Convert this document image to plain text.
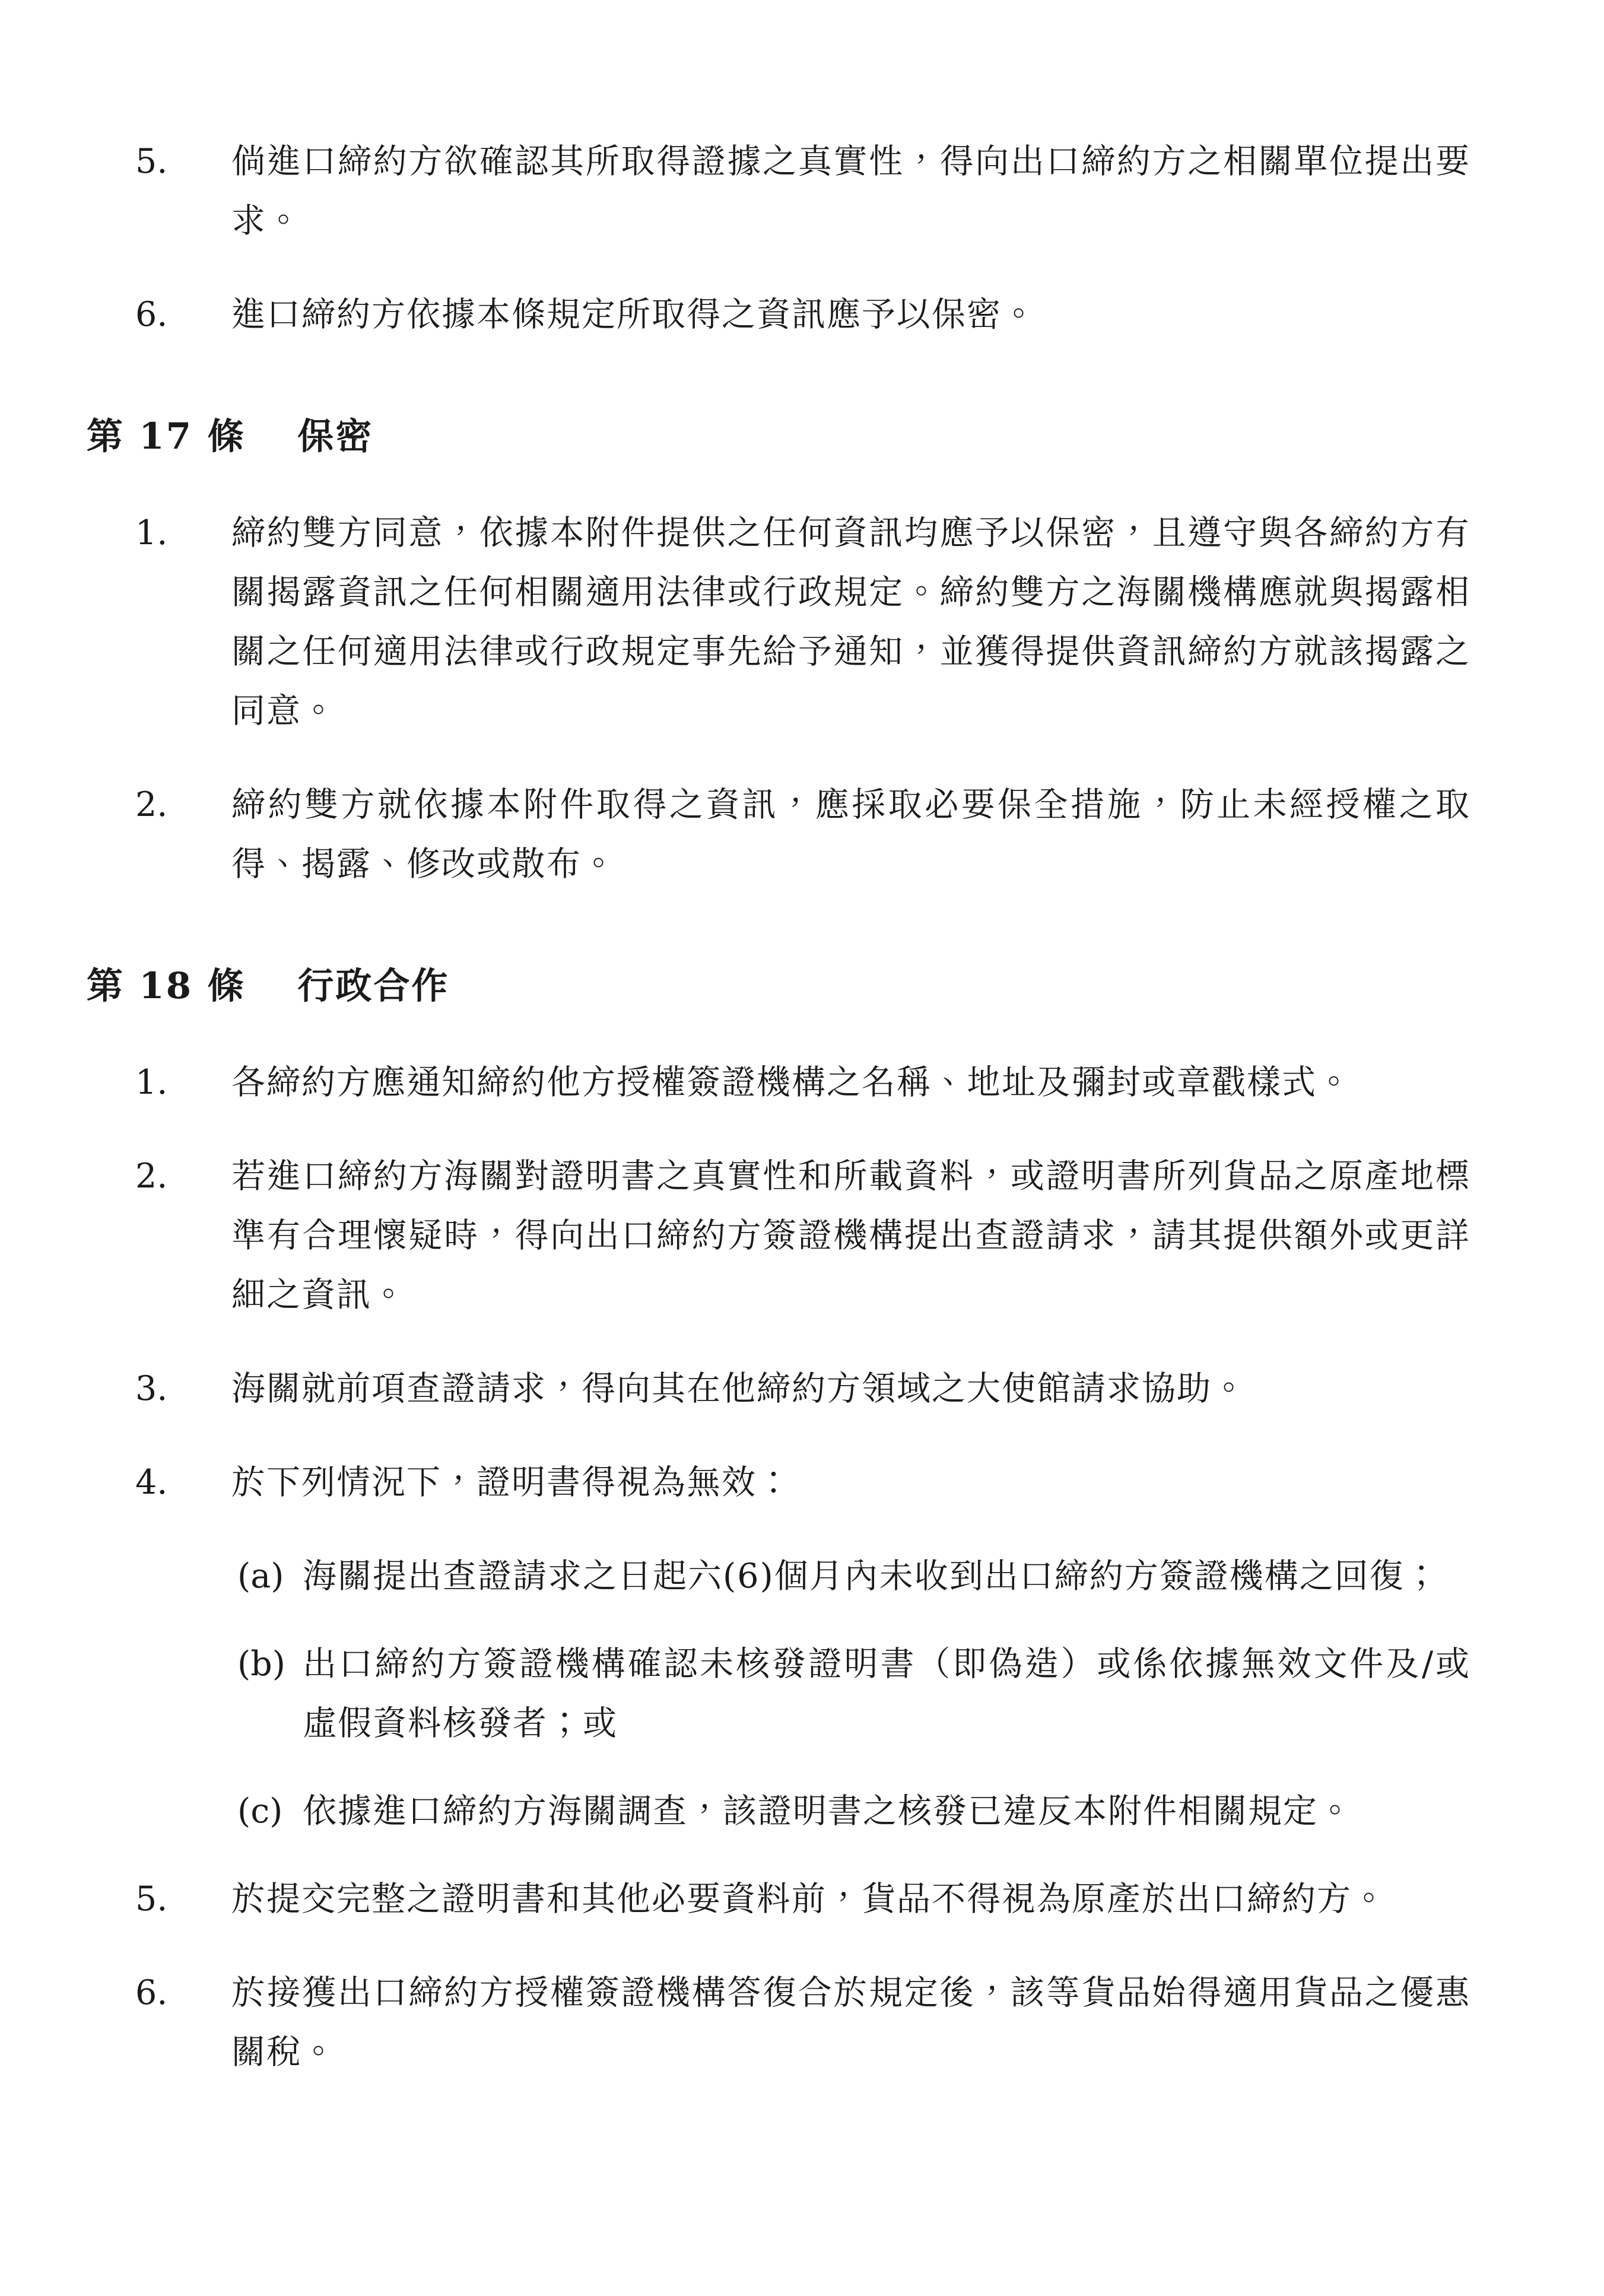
5.	倘進口締約方欲確認其所取得證據之真實性，得向出口締約方之相關單位提出要求。
6.	進口締約方依據本條規定所取得之資訊應予以保密。
第 17 條 保密
1.	締約雙方同意，依據本附件提供之任何資訊均應予以保密，且遵守與各締約方有關揭露資訊之任何相關適用法律或行政規定。締約雙方之海關機構應就與揭露相關之任何適用法律或行政規定事先給予通知，並獲得提供資訊締約方就該揭露之同意。
2.	締約雙方就依據本附件取得之資訊，應採取必要保全措施，防止未經授權之取得、揭露、修改或散布。
第 18 條 行政合作
1.	各締約方應通知締約他方授權簽證機構之名稱、地址及彌封或章戳樣式。
2.	若進口締約方海關對證明書之真實性和所載資料，或證明書所列貨品之原產地標準有合理懷疑時，得向出口締約方簽證機構提出查證請求，請其提供額外或更詳細之資訊。
3.	海關就前項查證請求，得向其在他締約方領域之大使館請求協助。
4.	於下列情況下，證明書得視為無效：
(a) 海關提出查證請求之日起六(6)個月內未收到出口締約方簽證機構之回復；
(b) 出口締約方簽證機構確認未核發證明書（即偽造）或係依據無效文件及/或虛假資料核發者；或
(c) 依據進口締約方海關調查，該證明書之核發已違反本附件相關規定。
5.	於提交完整之證明書和其他必要資料前，貨品不得視為原產於出口締約方。
6.	於接獲出口締約方授權簽證機構答復合於規定後，該等貨品始得適用貨品之優惠關稅。
